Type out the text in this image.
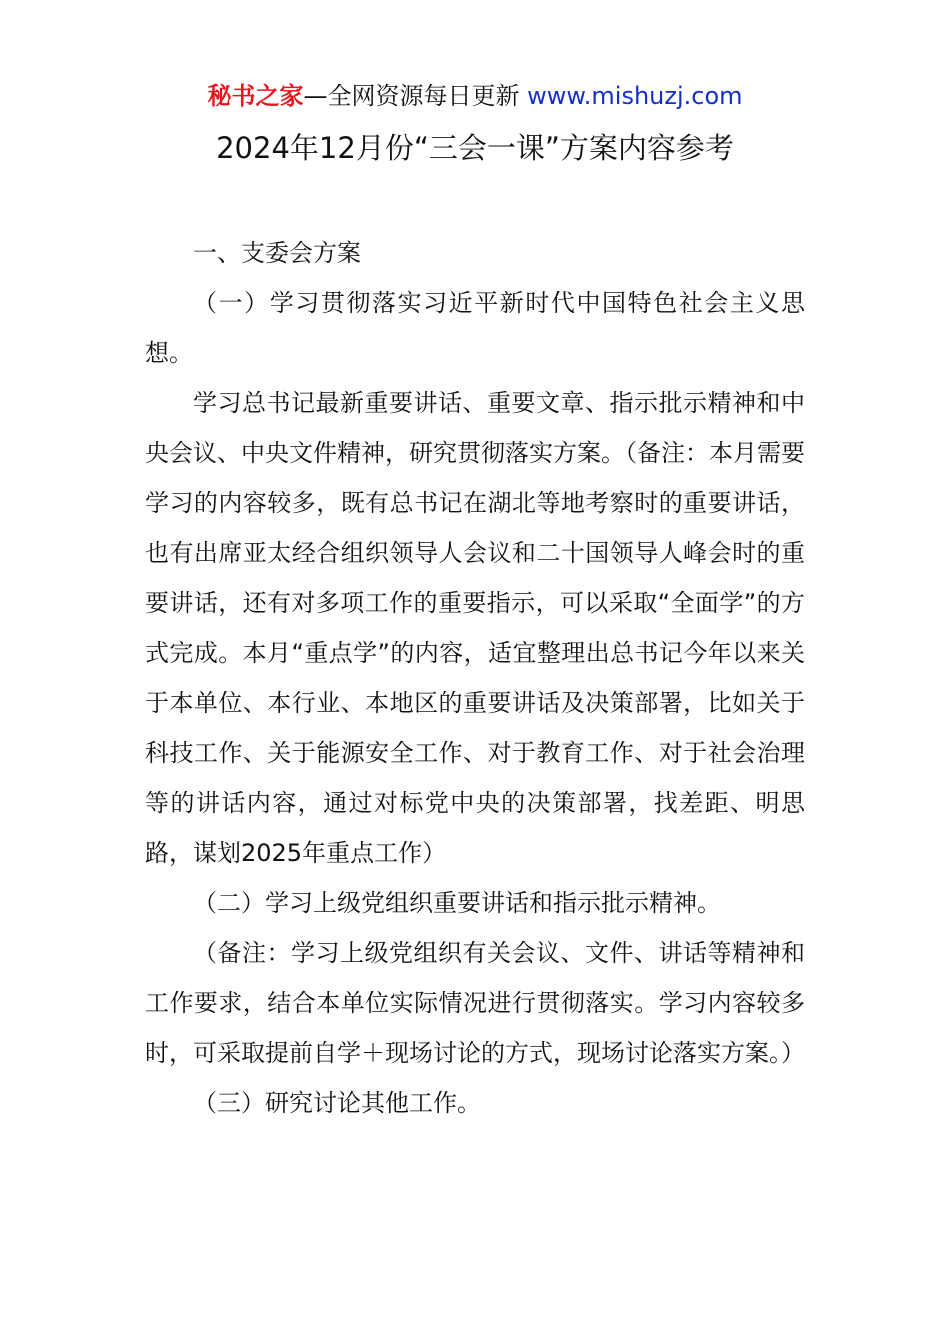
秘书之家—全网资源每日更新 www.mishuzj.com
2024年12月份“三会一课”方案内容参考

一、支委会方案

（一）学习贯彻落实习近平新时代中国特色社会主义思想。

学习总书记最新重要讲话、重要文章、指示批示精神和中央会议、中央文件精神，研究贯彻落实方案。（备注：本月需要学习的内容较多，既有总书记在湖北等地考察时的重要讲话，也有出席亚太经合组织领导人会议和二十国领导人峰会时的重要讲话，还有对多项工作的重要指示，可以采取“全面学”的方式完成。本月“重点学”的内容，适宜整理出总书记今年以来关于本单位、本行业、本地区的重要讲话及决策部署，比如关于科技工作、关于能源安全工作、对于教育工作、对于社会治理等的讲话内容，通过对标党中央的决策部署，找差距、明思路，谋划2025年重点工作）

（二）学习上级党组织重要讲话和指示批示精神。

（备注：学习上级党组织有关会议、文件、讲话等精神和工作要求，结合本单位实际情况进行贯彻落实。学习内容较多时，可采取提前自学＋现场讨论的方式，现场讨论落实方案。）

（三）研究讨论其他工作。
